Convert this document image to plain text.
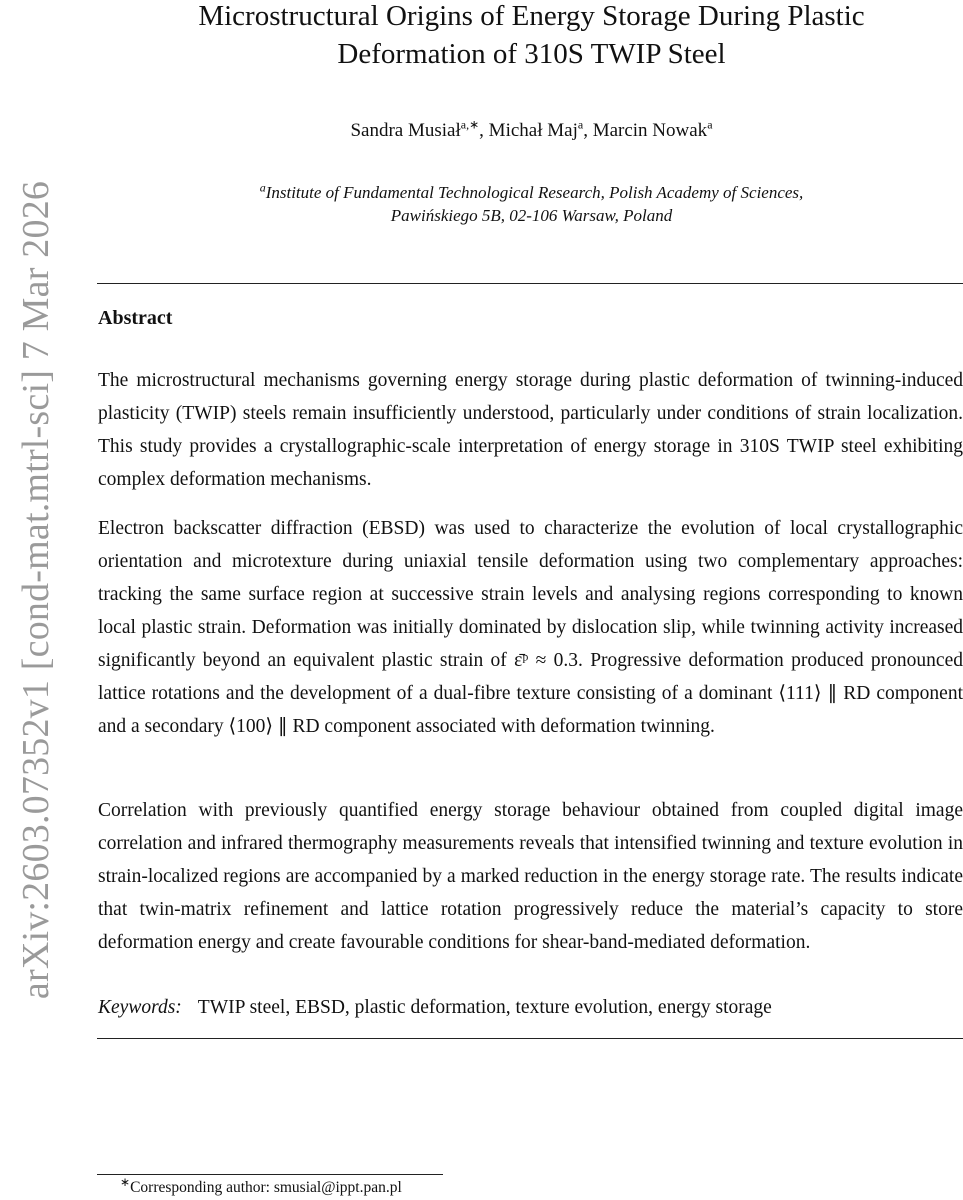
arXiv:2603.07352v1 [cond-mat.mtrl-sci] 7 Mar 2026
Microstructural Origins of Energy Storage During Plastic
Deformation of 310S TWIP Steel
Sandra Musiał$^{a,∗}$, Michał Maj$^a$, Marcin Nowak$^a$
$^a$Institute of Fundamental Technological Research, Polish Academy of Sciences,
Pawińskiego 5B, 02-106 Warsaw, Poland
Abstract

The microstructural mechanisms governing energy storage during plastic deformation of twinning-induced plasticity (TWIP) steels remain insufficiently understood, particularly under conditions of strain localization. This study provides a crystallographic-scale interpretation of energy storage in 310S TWIP steel exhibiting complex deformation mechanisms.

Electron backscatter diffraction (EBSD) was used to characterize the evolution of local crystallographic orientation and microtexture during uniaxial tensile deformation using two complementary approaches: tracking the same surface region at successive strain levels and analysing regions corresponding to known local plastic strain. Deformation was initially dominated by dislocation slip, while twinning activity increased significantly beyond an equivalent plastic strain of ε̄ᵖ ≈ 0.3. Progressive deformation produced pronounced lattice rotations and the development of a dual-fibre texture consisting of a dominant ⟨111⟩ ∥ RD component and a secondary ⟨100⟩ ∥ RD component associated with deformation twinning.

Correlation with previously quantified energy storage behaviour obtained from coupled digital image correlation and infrared thermography measurements reveals that intensified twinning and texture evolution in strain-localized regions are accompanied by a marked reduction in the energy storage rate. The results indicate that twin-matrix refinement and lattice rotation progressively reduce the material’s capacity to store deformation energy and create favourable conditions for shear-band-mediated deformation.

Keywords: TWIP steel, EBSD, plastic deformation, texture evolution, energy storage
∗Corresponding author: smusial@ippt.pan.pl
